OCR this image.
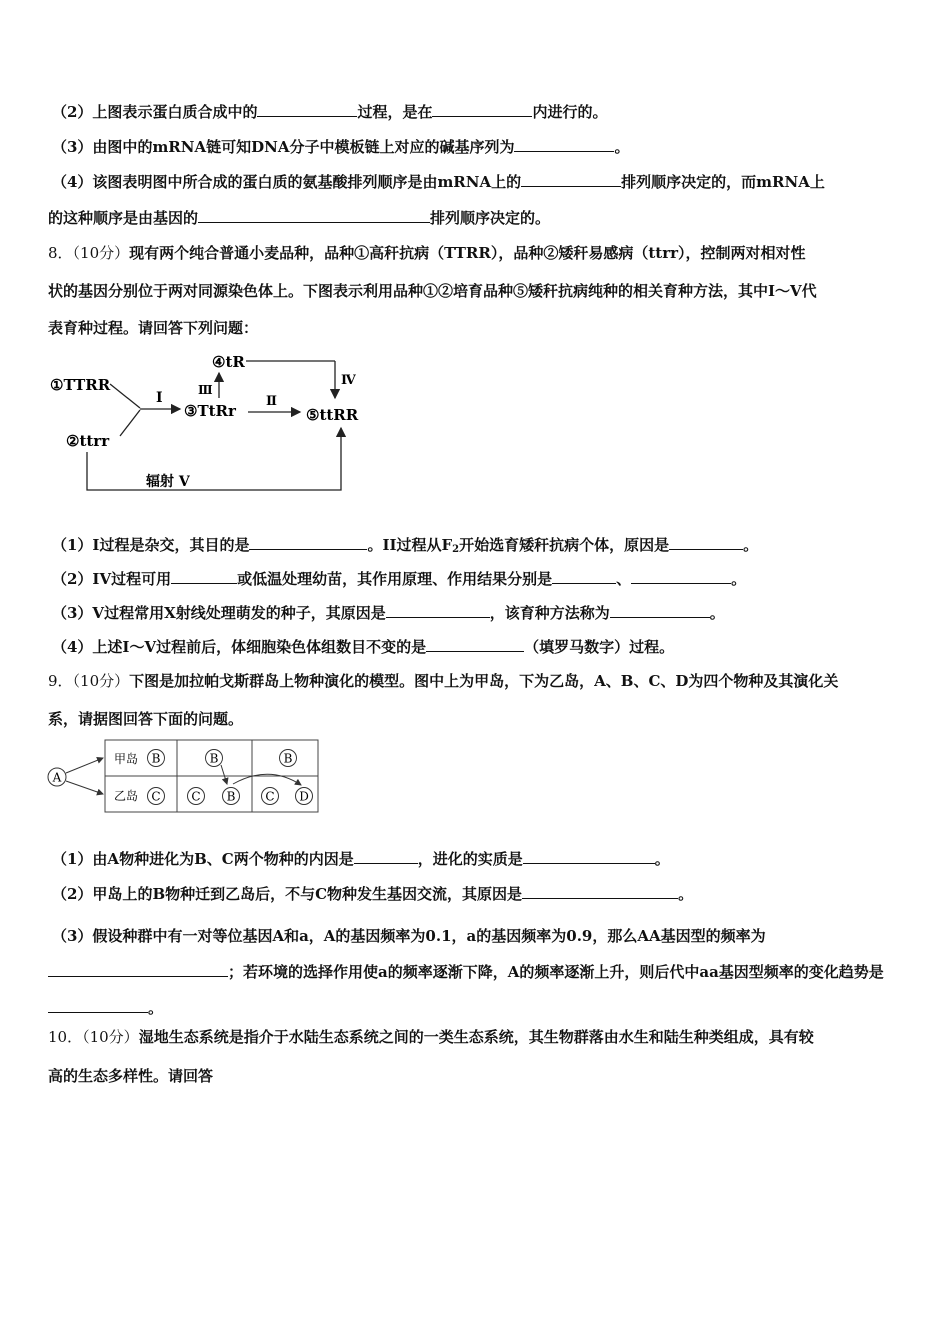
（2）上图表示蛋白质合成中的	过程，是在	内进行的。
（3）由图中的mRNA链可知DNA分子中模板链上对应的碱基序列为	。
（4）该图表明图中所合成的蛋白质的氨基酸排列顺序是由mRNA上的	排列顺序决定的，而mRNA上
的这种顺序是由基因的	排列顺序决定的。
8．（10分）现有两个纯合普通小麦品种，品种①高秆抗病（TTRR），品种②矮秆易感病（ttrr），控制两对相对性
状的基因分别位于两对同源染色体上。下图表示利用品种①②培育品种⑤矮秆抗病纯种的相关育种方法，其中Ⅰ～Ⅴ代
表育种过程。请回答下列问题：
①TTRR
②ttrr
I
③TtRr
Ⅲ
④tR
Ⅳ
Ⅱ
⑤ttRR
辐射 V
（1）I过程是杂交，其目的是	。II过程从$F_2$开始选育矮秆抗病个体，原因是	。
（2）IV过程可用	或低温处理幼苗，其作用原理、作用结果分别是	、	。
（3）V过程常用X射线处理萌发的种子，其原因是	，该育种方法称为	。
（4）上述I～V过程前后，体细胞染色体组数目不变的是	（填罗马数字）过程。
9．（10分）下图是加拉帕戈斯群岛上物种演化的模型。图中上为甲岛，下为乙岛，A、B、C、D为四个物种及其演化关
系，请据图回答下面的问题。
A
甲岛
乙岛
B
C
B
C B
B
C D
（1）由A物种进化为B、C两个物种的内因是	，进化的实质是	。
（2）甲岛上的B物种迁到乙岛后，不与C物种发生基因交流，其原因是	。
（3）假设种群中有一对等位基因A和a，A的基因频率为0.1，a的基因频率为0.9，那么AA基因型的频率为；若环境的选择作用使a的频率逐渐下降，A的频率逐渐上升，则后代中aa基因型频率的变化趋势是。
10．（10分）湿地生态系统是指介于水陆生态系统之间的一类生态系统，其生物群落由水生和陆生种类组成，具有较
高的生态多样性。请回答
